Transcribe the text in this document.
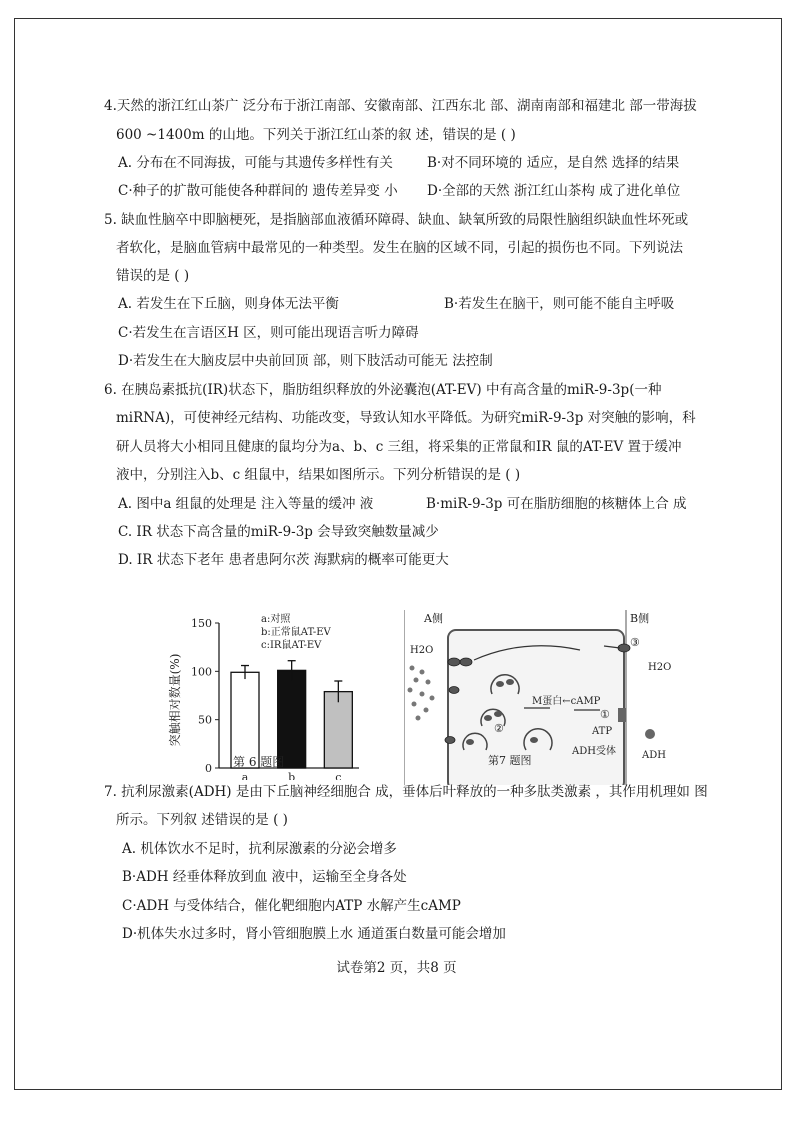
4.天然的浙江红山茶广 泛分布于浙江南部、安徽南部、江西东北 部、湖南南部和福建北 部一带海拔
600 ~1400m 的山地。下列关于浙江红山茶的叙 述，错误的是 ( )
A. 分布在不同海拔，可能与其遗传多样性有关	B·对不同环境的 适应，是自然 选择的结果
C·种子的扩散可能使各种群间的 遗传差异变 小 D·全部的天然 浙江红山茶构 成了进化单位
5. 缺血性脑卒中即脑梗死，是指脑部血液循环障碍、缺血、缺氧所致的局限性脑组织缺血性坏死或
者软化，是脑血管病中最常见的一种类型。发生在脑的区域不同，引起的损伤也不同。下列说法
错误的是 ( )
A. 若发生在下丘脑，则身体无法平衡	B·若发生在脑干，则可能不能自主呼吸
C·若发生在言语区H 区，则可能出现语言听力障碍
D·若发生在大脑皮层中央前回顶 部，则下肢活动可能无 法控制
6. 在胰岛素抵抗(IR)状态下，脂肪组织释放的外泌囊泡(AT-EV) 中有高含量的miR-9-3p(一种
miRNA)，可使神经元结构、功能改变，导致认知水平降低。为研究miR-9-3p 对突触的影响，科
研人员将大小相同且健康的鼠均分为a、b、c 三组，将采集的正常鼠和IR 鼠的AT-EV 置于缓冲
液中，分别注入b、c 组鼠中，结果如图所示。下列分析错误的是 ( )
A. 图中a 组鼠的处理是 注入等量的缓冲 液	B·miR-9-3p 可在脂肪细胞的核糖体上合 成
C. IR 状态下高含量的miR-9-3p 会导致突触数量减少
D. IR 状态下老年 患者患阿尔茨 海默病的概率可能更大
突触相对数量(%)
0
50
100
150
a	b	c
a:对照
b:正常鼠AT-EV
c:IR鼠AT-EV
第 6 题图
A侧	B侧
H2O
H2O
M蛋白←cAMP
①
②
③
ATP
ADH受体	ADH
第7 题图
7. 抗利尿激素(ADH) 是由下丘脑神经细胞合 成，垂体后叶释放的一种多肽类激素 ，其作用机理如 图
所示。下列叙 述错误的是 ( )
A. 机体饮水不足时，抗利尿激素的分泌会增多
B·ADH 经垂体释放到血 液中，运输至全身各处
C·ADH 与受体结合，催化靶细胞内ATP 水解产生cAMP
D·机体失水过多时，肾小管细胞膜上水 通道蛋白数量可能会增加
试卷第2 页，共8 页
